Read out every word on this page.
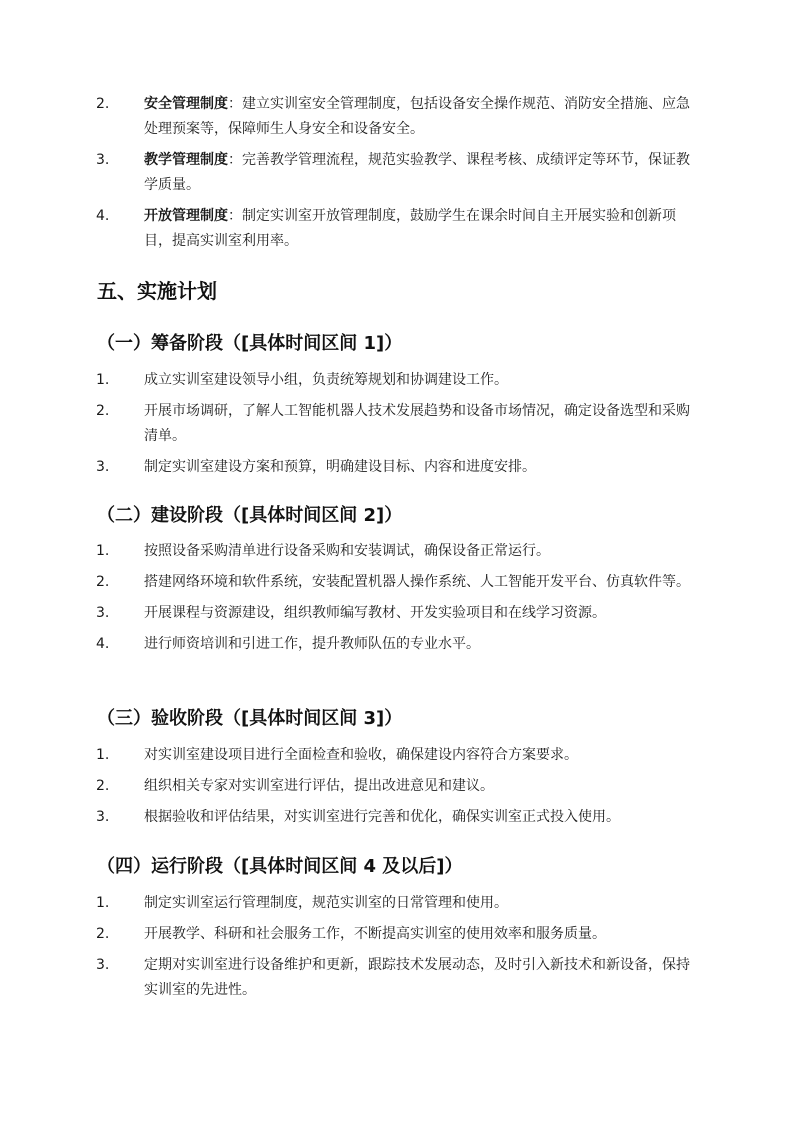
2. 安全管理制度：建立实训室安全管理制度，包括设备安全操作规范、消防安全措施、应急处理预案等，保障师生人身安全和设备安全。
3. 教学管理制度：完善教学管理流程，规范实验教学、课程考核、成绩评定等环节，保证教学质量。
4. 开放管理制度：制定实训室开放管理制度，鼓励学生在课余时间自主开展实验和创新项目，提高实训室利用率。
五、实施计划
（一）筹备阶段（[具体时间区间 1]）
1. 成立实训室建设领导小组，负责统筹规划和协调建设工作。
2. 开展市场调研，了解人工智能机器人技术发展趋势和设备市场情况，确定设备选型和采购清单。
3. 制定实训室建设方案和预算，明确建设目标、内容和进度安排。
（二）建设阶段（[具体时间区间 2]）
1. 按照设备采购清单进行设备采购和安装调试，确保设备正常运行。
2. 搭建网络环境和软件系统，安装配置机器人操作系统、人工智能开发平台、仿真软件等。
3. 开展课程与资源建设，组织教师编写教材、开发实验项目和在线学习资源。
4. 进行师资培训和引进工作，提升教师队伍的专业水平。
（三）验收阶段（[具体时间区间 3]）
1. 对实训室建设项目进行全面检查和验收，确保建设内容符合方案要求。
2. 组织相关专家对实训室进行评估，提出改进意见和建议。
3. 根据验收和评估结果，对实训室进行完善和优化，确保实训室正式投入使用。
（四）运行阶段（[具体时间区间 4 及以后]）
1. 制定实训室运行管理制度，规范实训室的日常管理和使用。
2. 开展教学、科研和社会服务工作，不断提高实训室的使用效率和服务质量。
3. 定期对实训室进行设备维护和更新，跟踪技术发展动态，及时引入新技术和新设备，保持实训室的先进性。
